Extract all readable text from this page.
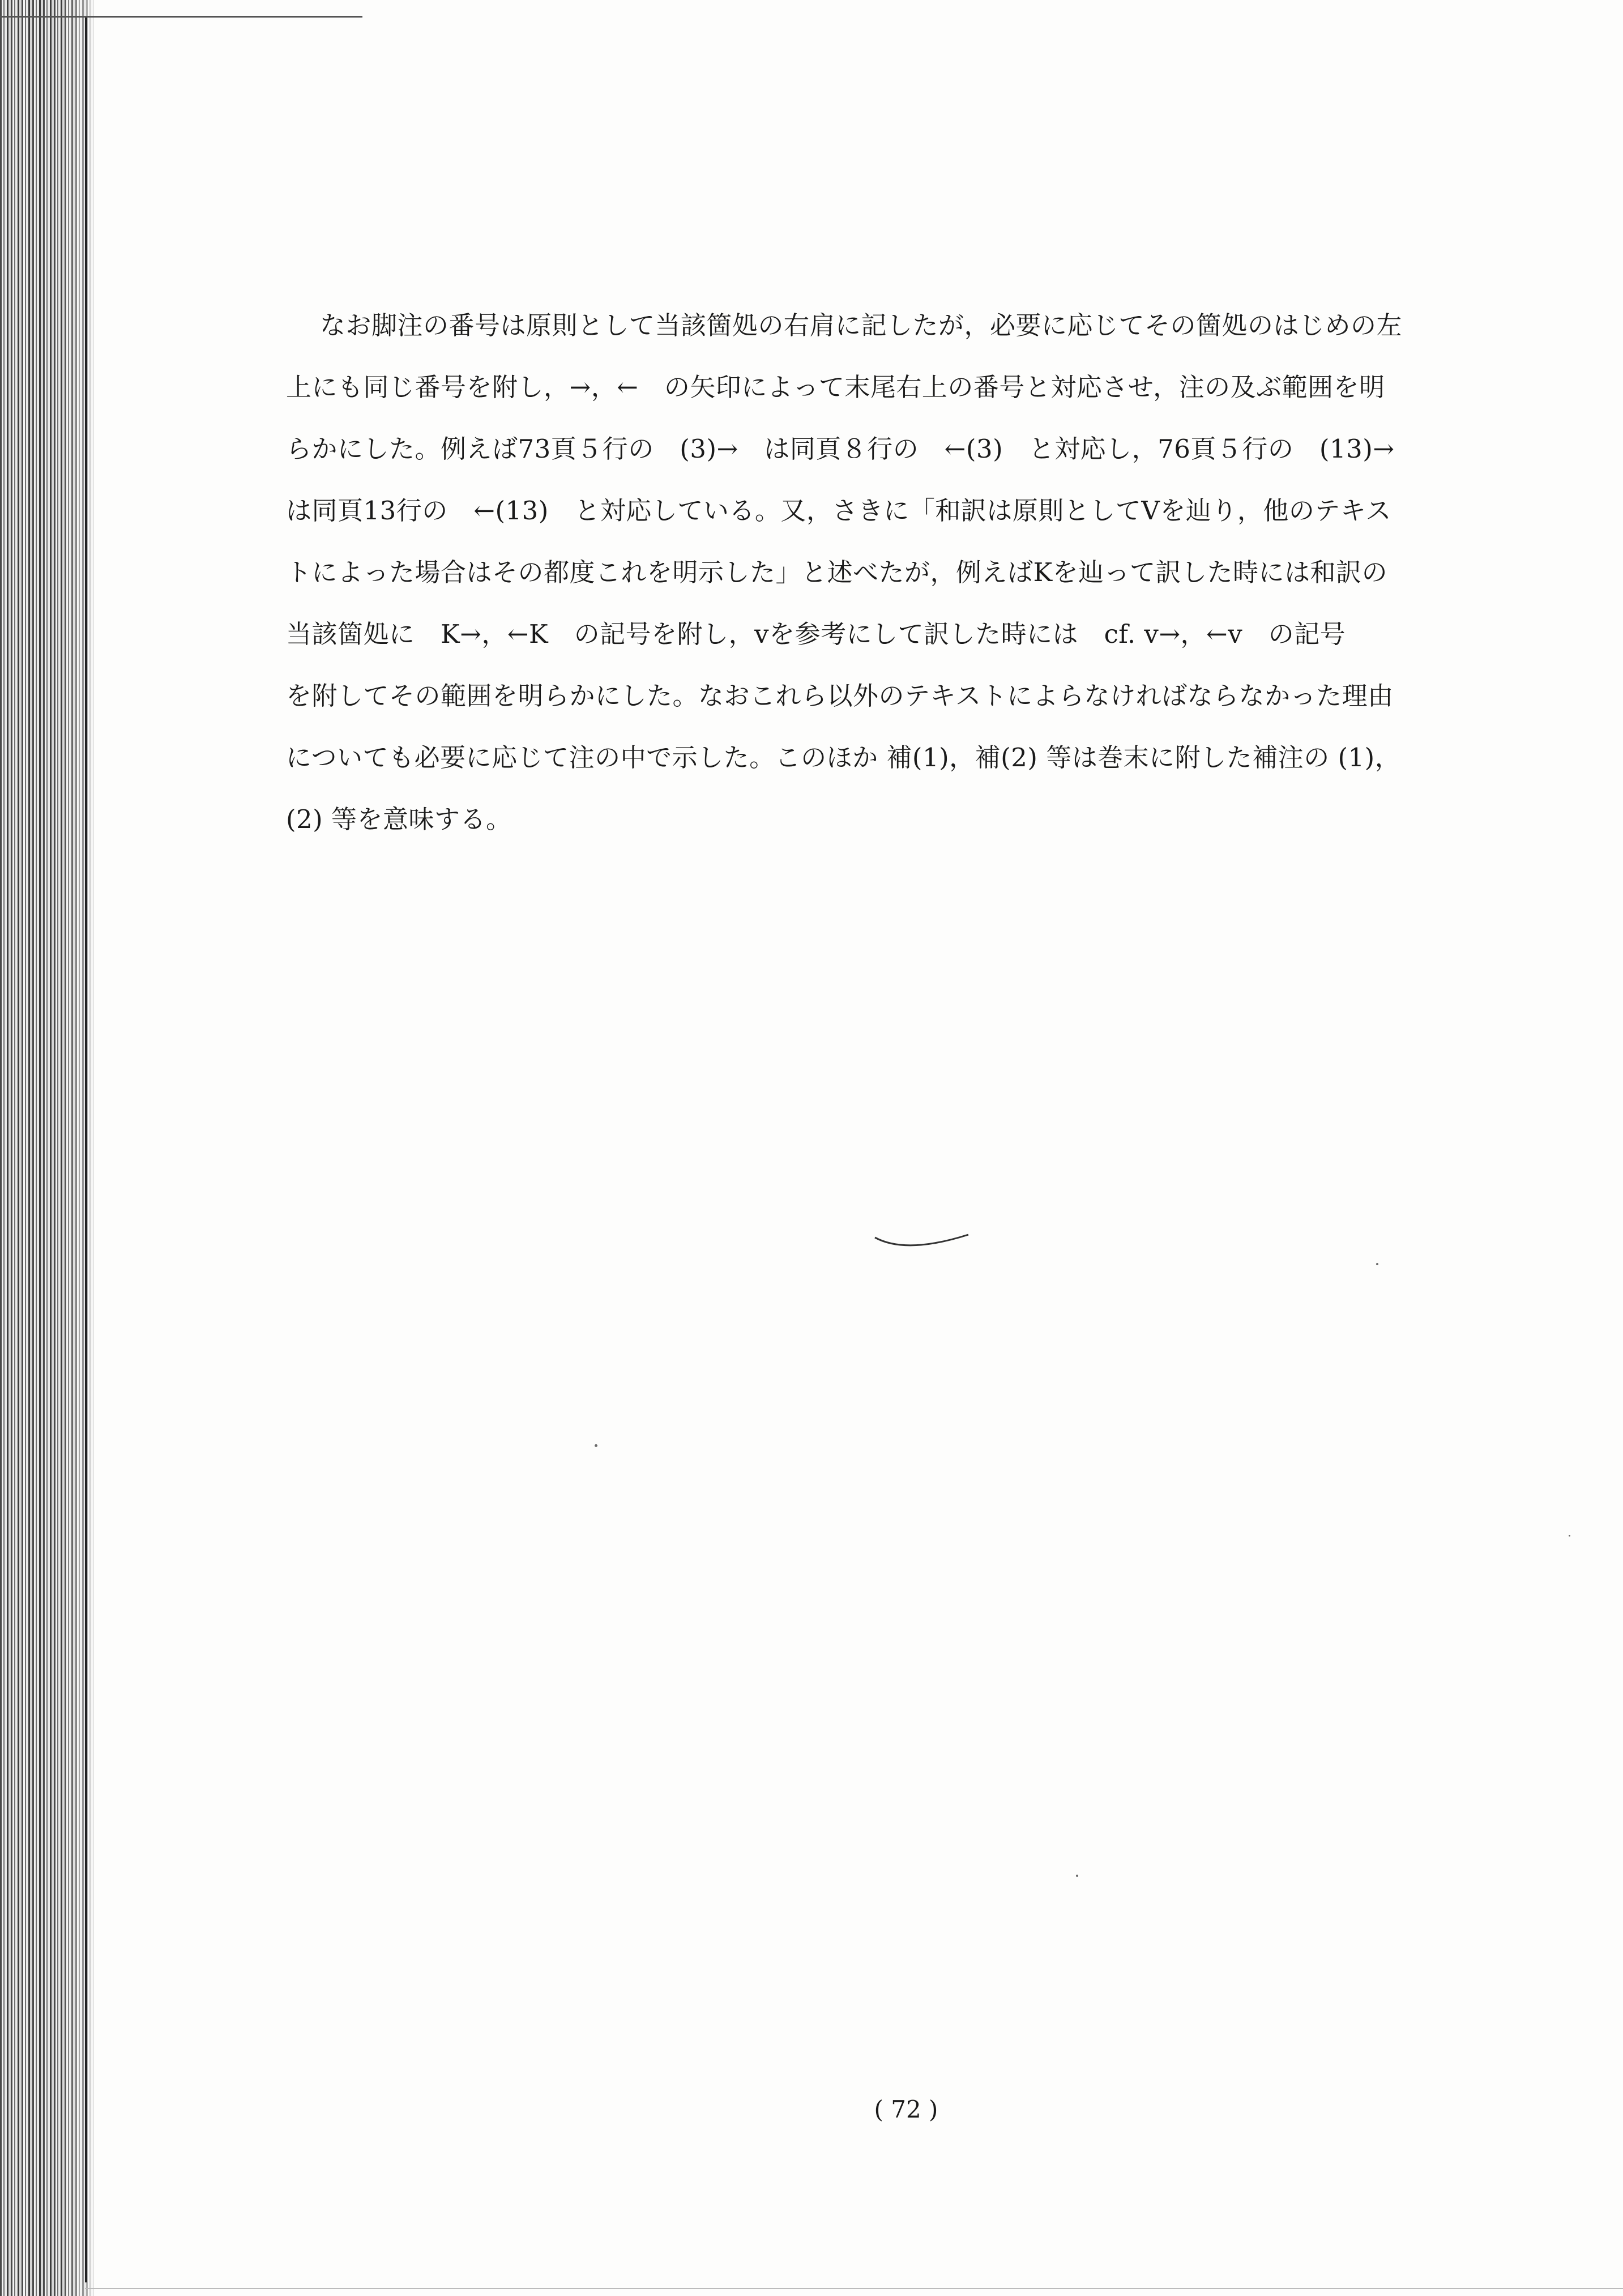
なお脚注の番号は原則として当該箇処の右肩に記したが，必要に応じてその箇処のはじめの左
上にも同じ番号を附し，→，←　の矢印によって末尾右上の番号と対応させ，注の及ぶ範囲を明
らかにした。例えば73頁５行の　(3)→　は同頁８行の　←(3)　と対応し，76頁５行の　(13)→
は同頁13行の　←(13)　と対応している。又，さきに「和訳は原則としてVを辿り，他のテキス
トによった場合はその都度これを明示した」と述べたが，例えばKを辿って訳した時には和訳の
当該箇処に　K→，←K　の記号を附し，vを参考にして訳した時には　cf. v→，←v　の記号
を附してその範囲を明らかにした。なおこれら以外のテキストによらなければならなかった理由
についても必要に応じて注の中で示した。このほか 補(1)，補(2) 等は巻末に附した補注の (1)，
(2) 等を意味する。
( 72 )
